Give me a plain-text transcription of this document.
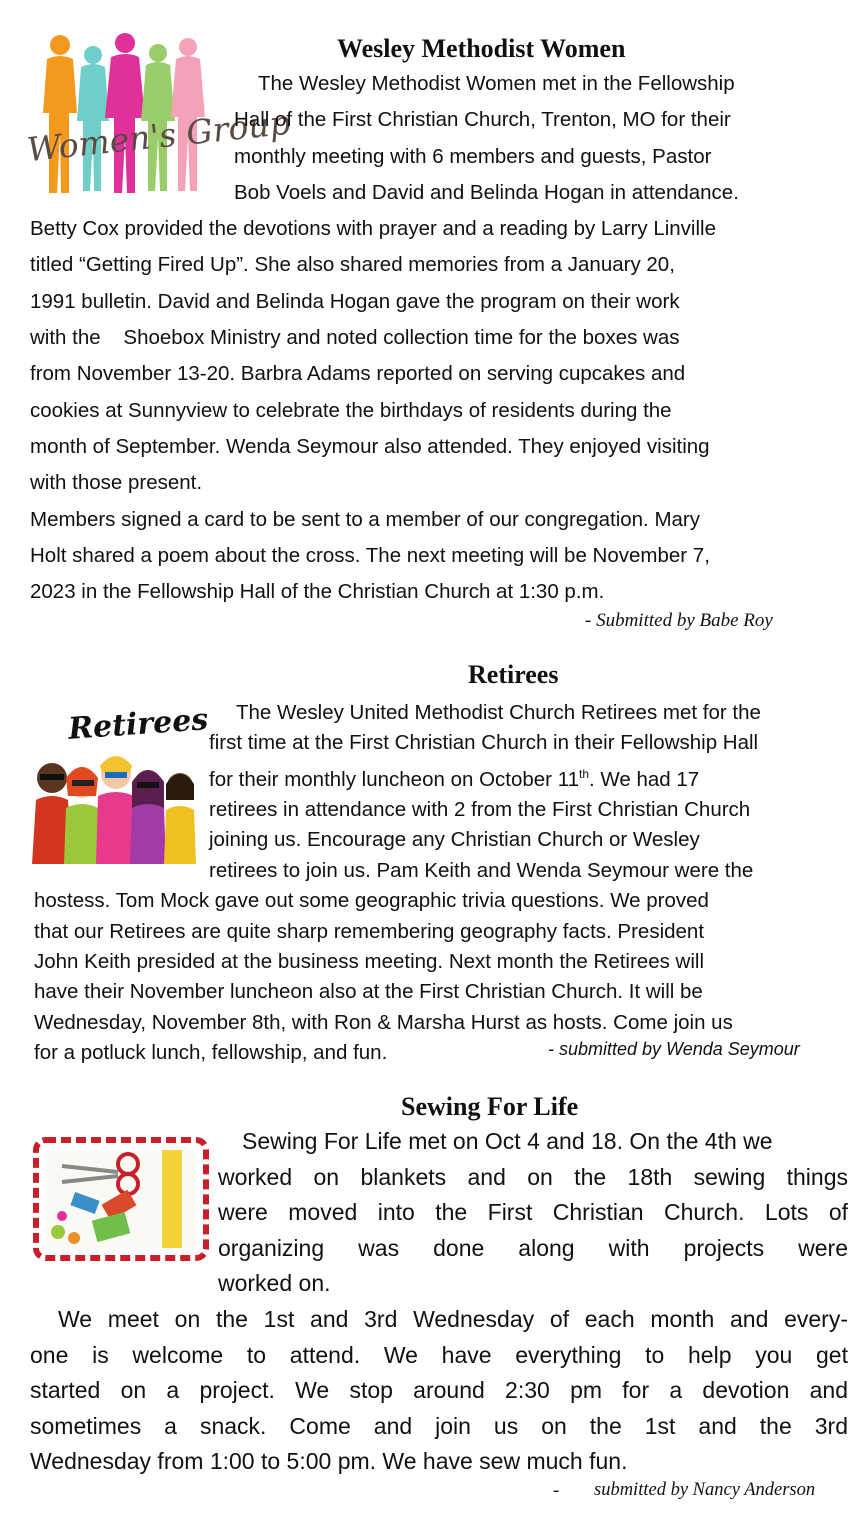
Wesley Methodist Women
Women's Group
The Wesley Methodist Women met in the Fellowship
Hall of the First Christian Church, Trenton, MO for their
monthly meeting with 6 members and guests, Pastor
Bob Voels and David and Belinda Hogan in attendance.
Betty Cox provided the devotions with prayer and a reading by Larry Linville
titled “Getting Fired Up”. She also shared memories from a January 20,
1991 bulletin. David and Belinda Hogan gave the program on their work
with the    Shoebox Ministry and noted collection time for the boxes was
from November 13-20. Barbra Adams reported on serving cupcakes and
cookies at Sunnyview to celebrate the birthdays of residents during the
month of September. Wenda Seymour also attended. They enjoyed visiting
with those present.
Members signed a card to be sent to a member of our congregation. Mary
Holt shared a poem about the cross. The next meeting will be November 7,
2023 in the Fellowship Hall of the Christian Church at 1:30 p.m.
- Submitted by Babe Roy
Retirees
Retirees	The Wesley United Methodist Church Retirees met for the
first time at the First Christian Church in their Fellowship Hall
for their monthly luncheon on October 11th. We had 17
retirees in attendance with 2 from the First Christian Church
joining us. Encourage any Christian Church or Wesley
retirees to join us. Pam Keith and Wenda Seymour were the
hostess. Tom Mock gave out some geographic trivia questions. We proved
that our Retirees are quite sharp remembering geography facts. President
John Keith presided at the business meeting. Next month the Retirees will
have their November luncheon also at the First Christian Church. It will be
Wednesday, November 8th, with Ron & Marsha Hurst as hosts. Come join us
for a potluck lunch, fellowship, and fun.	- submitted by Wenda Seymour
Sewing For Life
Sewing For Life met on Oct 4 and 18. On the 4th we
worked on blankets and on the 18th sewing things
were moved into the First Christian Church. Lots of
organizing was done along with projects were
worked on.
We meet on the 1st and 3rd Wednesday of each month and every-
one is welcome to attend. We have everything to help you get
started on a project. We stop around 2:30 pm for a devotion and
sometimes a snack. Come and join us on the 1st and the 3rd
Wednesday from 1:00 to 5:00 pm. We have sew much fun.
- submitted by Nancy Anderson
